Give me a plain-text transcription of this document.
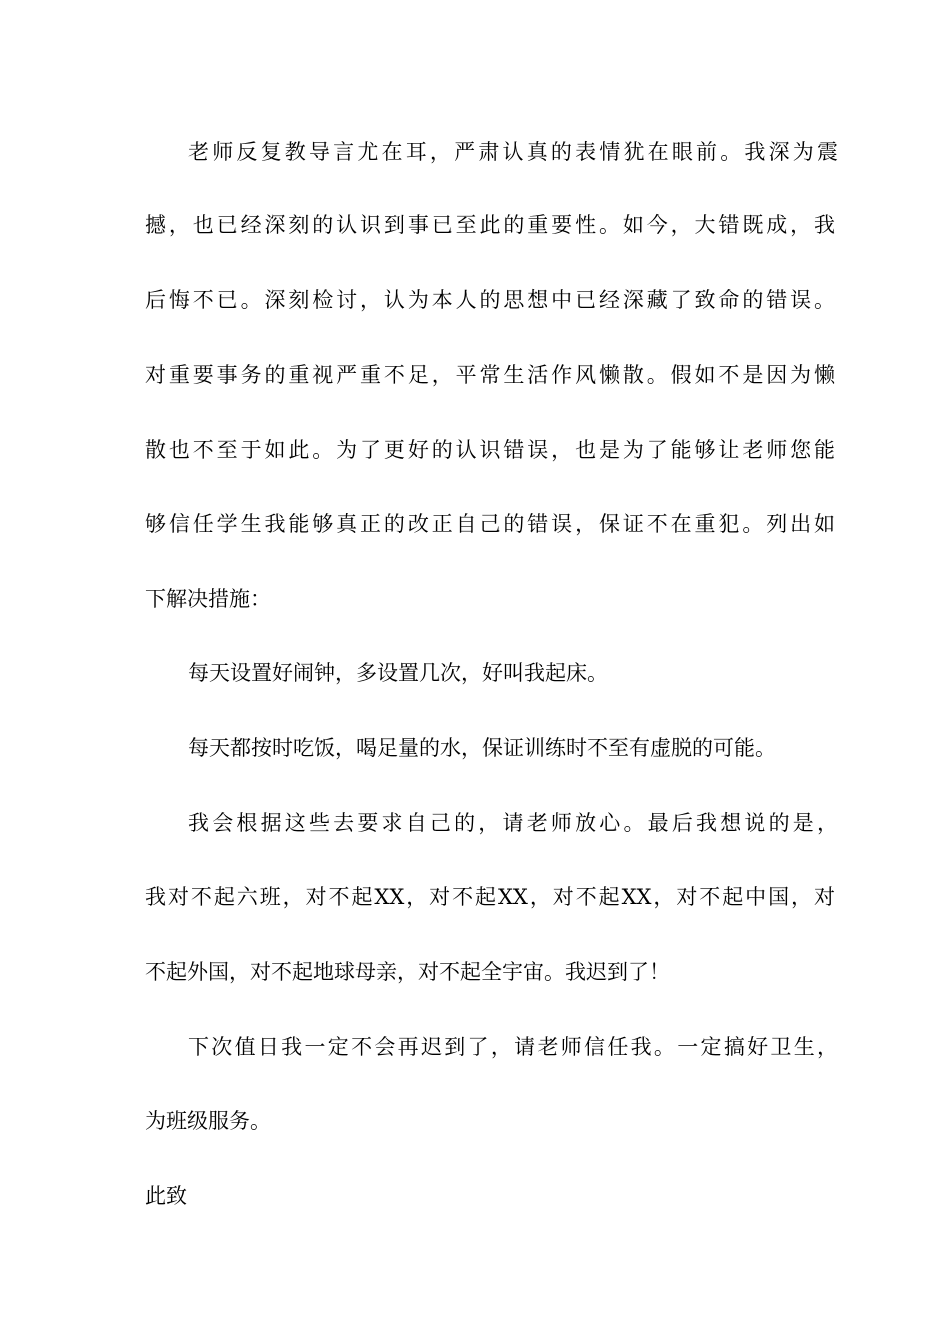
老师反复教导言尤在耳，严肃认真的表情犹在眼前。我深为震
撼，也已经深刻的认识到事已至此的重要性。如今，大错既成，我
后悔不已。深刻检讨，认为本人的思想中已经深藏了致命的错误。
对重要事务的重视严重不足，平常生活作风懒散。假如不是因为懒
散也不至于如此。为了更好的认识错误，也是为了能够让老师您能
够信任学生我能够真正的改正自己的错误，保证不在重犯。列出如
下解决措施：
每天设置好闹钟，多设置几次，好叫我起床。
每天都按时吃饭，喝足量的水，保证训练时不至有虚脱的可能。
我会根据这些去要求自己的，请老师放心。最后我想说的是，
我对不起六班，对不起XX，对不起XX，对不起XX，对不起中国，对
不起外国，对不起地球母亲，对不起全宇宙。我迟到了！
下次值日我一定不会再迟到了，请老师信任我。一定搞好卫生，
为班级服务。
此致
